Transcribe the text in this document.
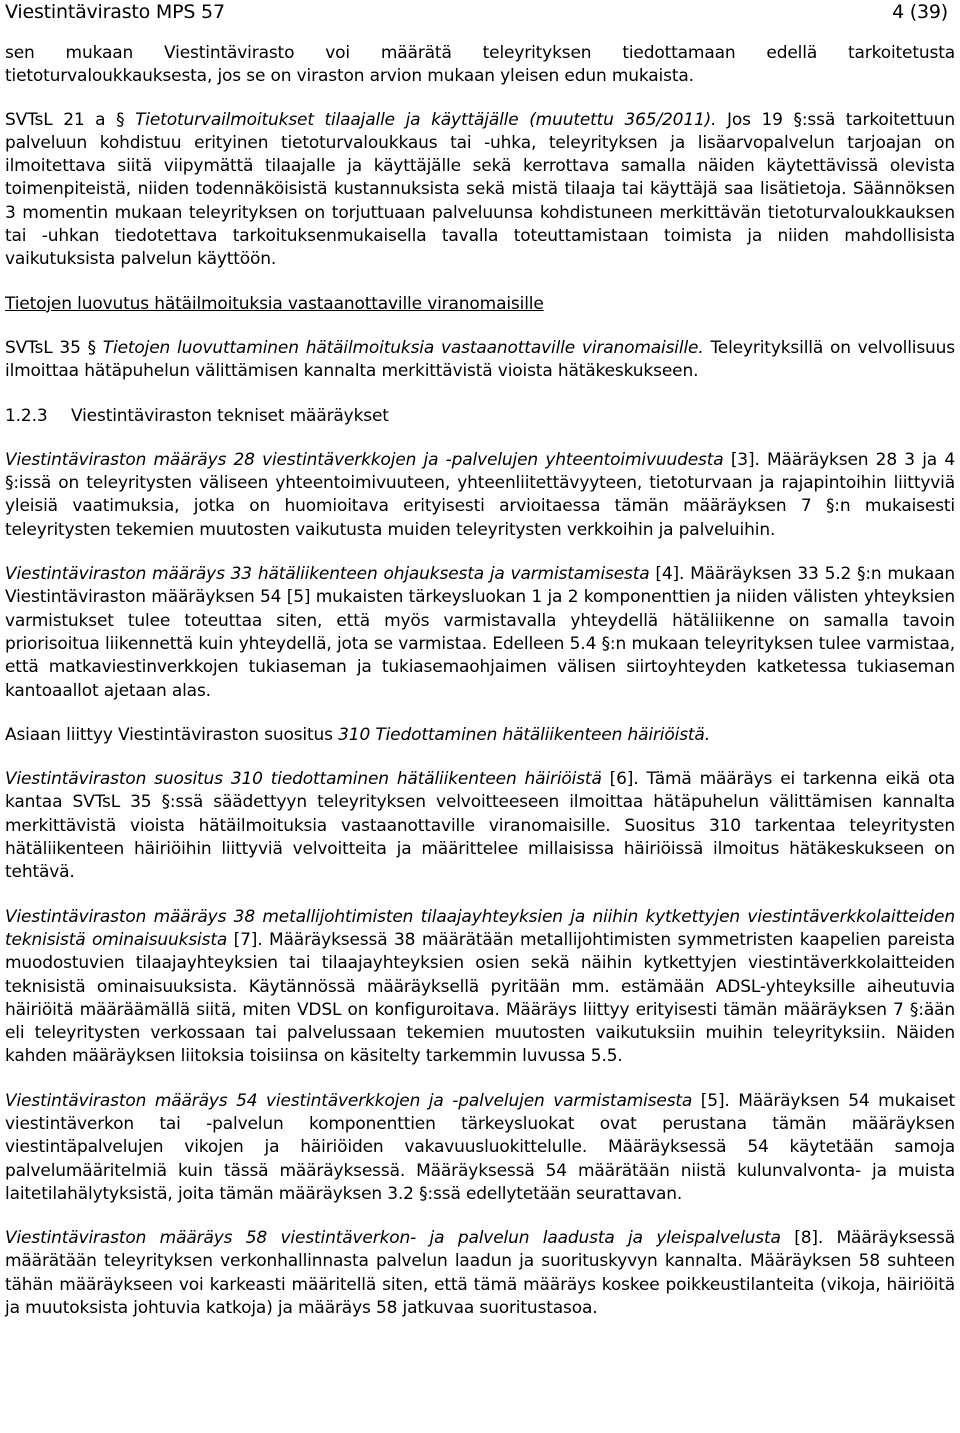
Viestintävirasto MPS 57	4 (39)

sen mukaan Viestintävirasto voi määrätä teleyrityksen tiedottamaan edellä tarkoitetusta tietoturvaloukkauksesta, jos se on viraston arvion mukaan yleisen edun mukaista.

SVTsL 21 a § Tietoturvailmoitukset tilaajalle ja käyttäjälle (muutettu 365/2011). Jos 19 §:ssä tarkoitettuun palveluun kohdistuu erityinen tietoturvaloukkaus tai -uhka, teleyrityksen ja lisäarvopalvelun tarjoajan on ilmoitettava siitä viipymättä tilaajalle ja käyttäjälle sekä kerrottava samalla näiden käytettävissä olevista toimenpiteistä, niiden todennäköisistä kustannuksista sekä mistä tilaaja tai käyttäjä saa lisätietoja. Säännöksen 3 momentin mukaan teleyrityksen on torjuttuaan palveluunsa kohdistuneen merkittävän tietoturvaloukkauksen tai -uhkan tiedotettava tarkoituksenmukaisella tavalla toteuttamistaan toimista ja niiden mahdollisista vaikutuksista palvelun käyttöön.

Tietojen luovutus hätäilmoituksia vastaanottaville viranomaisille

SVTsL 35 § Tietojen luovuttaminen hätäilmoituksia vastaanottaville viranomaisille. Teleyrityksillä on velvollisuus ilmoittaa hätäpuhelun välittämisen kannalta merkittävistä vioista hätäkeskukseen.

1.2.3 Viestintäviraston tekniset määräykset

Viestintäviraston määräys 28 viestintäverkkojen ja -palvelujen yhteentoimivuudesta [3]. Määräyksen 28 3 ja 4 §:issä on teleyritysten väliseen yhteentoimivuuteen, yhteenliitettävyyteen, tietoturvaan ja rajapintoihin liittyviä yleisiä vaatimuksia, jotka on huomioitava erityisesti arvioitaessa tämän määräyksen 7 §:n mukaisesti teleyritysten tekemien muutosten vaikutusta muiden teleyritysten verkkoihin ja palveluihin.

Viestintäviraston määräys 33 hätäliikenteen ohjauksesta ja varmistamisesta [4]. Määräyksen 33 5.2 §:n mukaan Viestintäviraston määräyksen 54 [5] mukaisten tärkeysluokan 1 ja 2 komponenttien ja niiden välisten yhteyksien varmistukset tulee toteuttaa siten, että myös varmistavalla yhteydellä hätäliikenne on samalla tavoin priorisoitua liikennettä kuin yhteydellä, jota se varmistaa. Edelleen 5.4 §:n mukaan teleyrityksen tulee varmistaa, että matkaviestinverkkojen tukiaseman ja tukiasemaohjaimen välisen siirtoyhteyden katketessa tukiaseman kantoaallot ajetaan alas.

Asiaan liittyy Viestintäviraston suositus 310 Tiedottaminen hätäliikenteen häiriöistä.

Viestintäviraston suositus 310 tiedottaminen hätäliikenteen häiriöistä [6]. Tämä määräys ei tarkenna eikä ota kantaa SVTsL 35 §:ssä säädettyyn teleyrityksen velvoitteeseen ilmoittaa hätäpuhelun välittämisen kannalta merkittävistä vioista hätäilmoituksia vastaanottaville viranomaisille. Suositus 310 tarkentaa teleyritysten hätäliikenteen häiriöihin liittyviä velvoitteita ja määrittelee millaisissa häiriöissä ilmoitus hätäkeskukseen on tehtävä.

Viestintäviraston määräys 38 metallijohtimisten tilaajayhteyksien ja niihin kytkettyjen viestintäverkkolaitteiden teknisistä ominaisuuksista [7]. Määräyksessä 38 määrätään metallijohtimisten symmetristen kaapelien pareista muodostuvien tilaajayhteyksien tai tilaajayhteyksien osien sekä näihin kytkettyjen viestintäverkkolaitteiden teknisistä ominaisuuksista. Käytännössä määräyksellä pyritään mm. estämään ADSL-yhteyksille aiheutuvia häiriöitä määräämällä siitä, miten VDSL on konfiguroitava. Määräys liittyy erityisesti tämän määräyksen 7 §:ään eli teleyritysten verkossaan tai palvelussaan tekemien muutosten vaikutuksiin muihin teleyrityksiin. Näiden kahden määräyksen liitoksia toisiinsa on käsitelty tarkemmin luvussa 5.5.

Viestintäviraston määräys 54 viestintäverkkojen ja -palvelujen varmistamisesta [5]. Määräyksen 54 mukaiset viestintäverkon tai -palvelun komponenttien tärkeysluokat ovat perustana tämän määräyksen viestintäpalvelujen vikojen ja häiriöiden vakavuusluokittelulle. Määräyksessä 54 käytetään samoja palvelumääritelmiä kuin tässä määräyksessä. Määräyksessä 54 määrätään niistä kulunvalvonta- ja muista laitetilahälytyksistä, joita tämän määräyksen 3.2 §:ssä edellytetään seurattavan.

Viestintäviraston määräys 58 viestintäverkon- ja palvelun laadusta ja yleispalvelusta [8]. Määräyksessä määrätään teleyrityksen verkonhallinnasta palvelun laadun ja suorituskyvyn kannalta. Määräyksen 58 suhteen tähän määräykseen voi karkeasti määritellä siten, että tämä määräys koskee poikkeustilanteita (vikoja, häiriöitä ja muutoksista johtuvia katkoja) ja määräys 58 jatkuvaa suoritustasoa.
